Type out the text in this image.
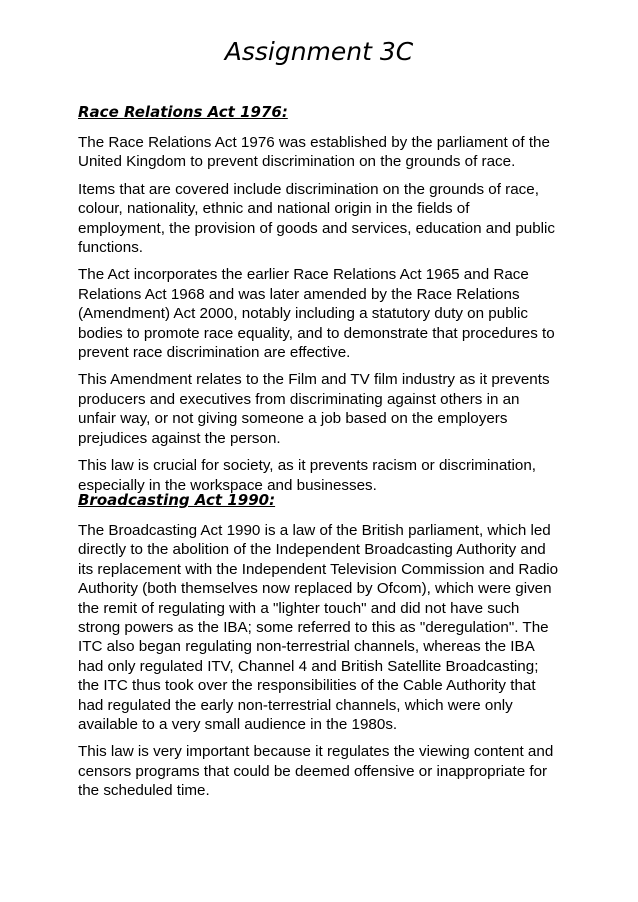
Assignment 3C
Race Relations Act 1976:

The Race Relations Act 1976 was established by the parliament of the United Kingdom to prevent discrimination on the grounds of race.

Items that are covered include discrimination on the grounds of race, colour, nationality, ethnic and national origin in the fields of employment, the provision of goods and services, education and public functions.

The Act incorporates the earlier Race Relations Act 1965 and Race Relations Act 1968 and was later amended by the Race Relations (Amendment) Act 2000, notably including a statutory duty on public bodies to promote race equality, and to demonstrate that procedures to prevent race discrimination are effective.

This Amendment relates to the Film and TV film industry as it prevents producers and executives from discriminating against others in an unfair way, or not giving someone a job based on the employers prejudices against the person.

This law is crucial for society, as it prevents racism or discrimination, especially in the workspace and businesses.

Broadcasting Act 1990:

The Broadcasting Act 1990 is a law of the British parliament, which led directly to the abolition of the Independent Broadcasting Authority and its replacement with the Independent Television Commission and Radio Authority (both themselves now replaced by Ofcom), which were given the remit of regulating with a "lighter touch" and did not have such strong powers as the IBA; some referred to this as "deregulation". The ITC also began regulating non-terrestrial channels, whereas the IBA had only regulated ITV, Channel 4 and British Satellite Broadcasting; the ITC thus took over the responsibilities of the Cable Authority that had regulated the early non-terrestrial channels, which were only available to a very small audience in the 1980s.

This law is very important because it regulates the viewing content and censors programs that could be deemed offensive or inappropriate for the scheduled time.
